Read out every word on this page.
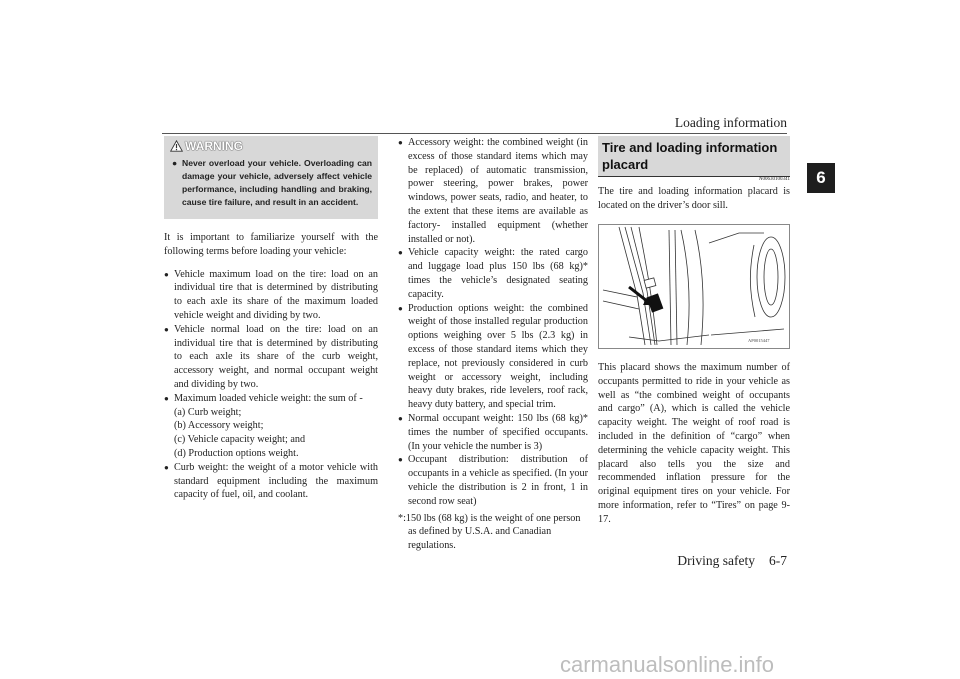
Loading information
6
WARNING
● Never overload your vehicle. Overloading can damage your vehicle, adversely affect vehicle performance, including handling and braking, cause tire failure, and result in an accident.

It is important to familiarize yourself with the following terms before loading your vehicle:

● Vehicle maximum load on the tire: load on an individual tire that is determined by distributing to each axle its share of the maximum loaded vehicle weight and dividing by two.

● Vehicle normal load on the tire: load on an individual tire that is determined by distributing to each axle its share of the curb weight, accessory weight, and normal occupant weight and dividing by two.

● Maximum loaded vehicle weight: the sum of -
(a) Curb weight;
(b) Accessory weight;
(c) Vehicle capacity weight; and
(d) Production options weight.

● Curb weight: the weight of a motor vehicle with standard equipment including the maximum capacity of fuel, oil, and coolant.

● Accessory weight: the combined weight (in excess of those standard items which may be replaced) of automatic transmission, power steering, power brakes, power windows, power seats, radio, and heater, to the extent that these items are available as factory- installed equipment (whether installed or not).

● Vehicle capacity weight: the rated cargo and luggage load plus 150 lbs (68 kg)* times the vehicle’s designated seating capacity.

● Production options weight: the combined weight of those installed regular production options weighing over 5 lbs (2.3 kg) in excess of those standard items which they replace, not previously considered in curb weight or accessory weight, including heavy duty brakes, ride levelers, roof rack, heavy duty battery, and special trim.

● Normal occupant weight: 150 lbs (68 kg)* times the number of specified occupants. (In your vehicle the number is 3)

● Occupant distribution: distribution of occupants in a vehicle as specified. (In your vehicle the distribution is 2 in front, 1 in second row seat)

*:150 lbs (68 kg) is the weight of one person as defined by U.S.A. and Canadian regulations.

Tire and loading information placard
N00630100341

The tire and loading information placard is located on the driver’s door sill.

AP0015447

This placard shows the maximum number of occupants permitted to ride in your vehicle as well as “the combined weight of occupants and cargo” (A), which is called the vehicle capacity weight. The weight of roof road is included in the definition of “cargo” when determining the vehicle capacity weight. This placard also tells you the size and recommended inflation pressure for the original equipment tires on your vehicle. For more information, refer to “Tires” on page 9-17.

Driving safety 6-7
carmanualsonline.info
